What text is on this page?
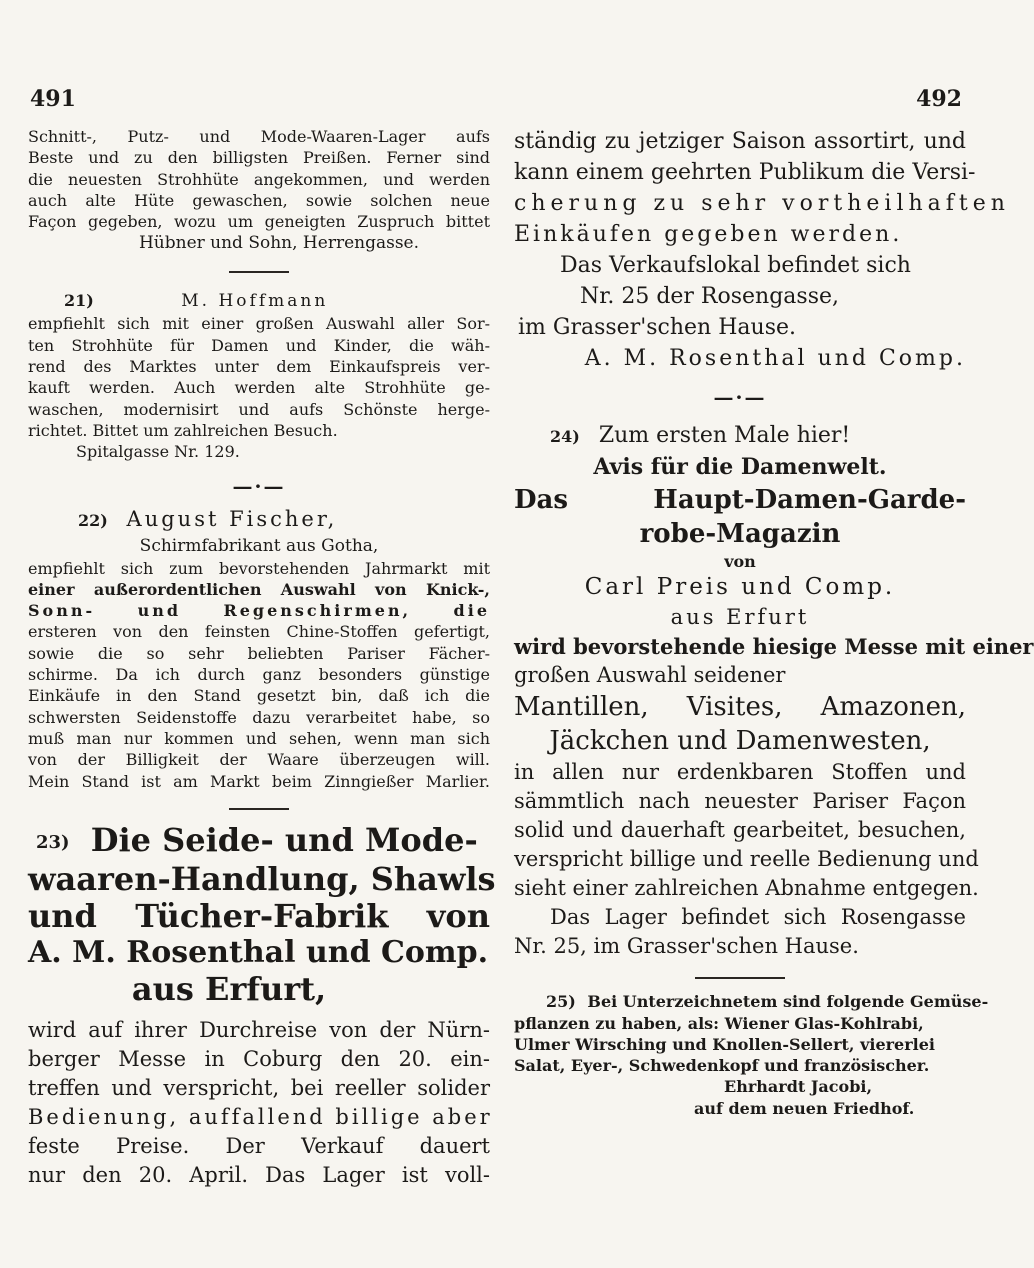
491	492
Schnitt-, Putz- und Mode-Waaren-Lager aufs
Beste und zu den billigsten Preißen. Ferner sind
die neuesten Strohhüte angekommen, und werden
auch alte Hüte gewaschen, sowie solchen neue
Façon gegeben, wozu um geneigten Zuspruch bittet
Hübner und Sohn, Herrengasse.
21)	M. Hoffmann
empfiehlt sich mit einer großen Auswahl aller Sor-
ten Strohhüte für Damen und Kinder, die wäh-
rend des Marktes unter dem Einkaufspreis ver-
kauft werden. Auch werden alte Strohhüte ge-
waschen, modernisirt und aufs Schönste herge-
richtet. Bittet um zahlreichen Besuch.
Spitalgasse Nr. 129.
—·—
22) August Fischer,
Schirmfabrikant aus Gotha,
empfiehlt sich zum bevorstehenden Jahrmarkt mit
einer außerordentlichen Auswahl von Knick-,
Sonn- und Regenschirmen, die
ersteren von den feinsten Chine-Stoffen gefertigt,
sowie die so sehr beliebten Pariser Fächer-
schirme. Da ich durch ganz besonders günstige
Einkäufe in den Stand gesetzt bin, daß ich die
schwersten Seidenstoffe dazu verarbeitet habe, so
muß man nur kommen und sehen, wenn man sich
von der Billigkeit der Waare überzeugen will.
Mein Stand ist am Markt beim Zinngießer Marlier.
23) Die Seide- und Mode-
waaren-Handlung, Shawls
und Tücher-Fabrik von
A. M. Rosenthal und Comp.
aus Erfurt,
wird auf ihrer Durchreise von der Nürn-
berger Messe in Coburg den 20. ein-
treffen und verspricht, bei reeller solider
Bedienung, auffallend billige aber
feste Preise. Der Verkauf dauert
nur den 20. April. Das Lager ist voll-
ständig zu jetziger Saison assortirt, und
kann einem geehrten Publikum die Versi-
cherung zu sehr vortheilhaften
Einkäufen gegeben werden.
Das Verkaufslokal befindet sich
Nr. 25 der Rosengasse,
im Grasser'schen Hause.
A. M. Rosenthal und Comp.
—·—
24) Zum ersten Male hier!
Avis für die Damenwelt.
Das Haupt-Damen-Garde-
robe-Magazin
von
Carl Preis und Comp.
aus Erfurt
wird bevorstehende hiesige Messe mit einer
großen Auswahl seidener
Mantillen, Visites, Amazonen,
Jäckchen und Damenwesten,
in allen nur erdenkbaren Stoffen und
sämmtlich nach neuester Pariser Façon
solid und dauerhaft gearbeitet, besuchen,
verspricht billige und reelle Bedienung und
sieht einer zahlreichen Abnahme entgegen.
Das Lager befindet sich Rosengasse
Nr. 25, im Grasser'schen Hause.
25) Bei Unterzeichnetem sind folgende Gemüse-
pflanzen zu haben, als: Wiener Glas-Kohlrabi,
Ulmer Wirsching und Knollen-Sellert, viererlei
Salat, Eyer-, Schwedenkopf und französischer.
Ehrhardt Jacobi,
auf dem neuen Friedhof.
